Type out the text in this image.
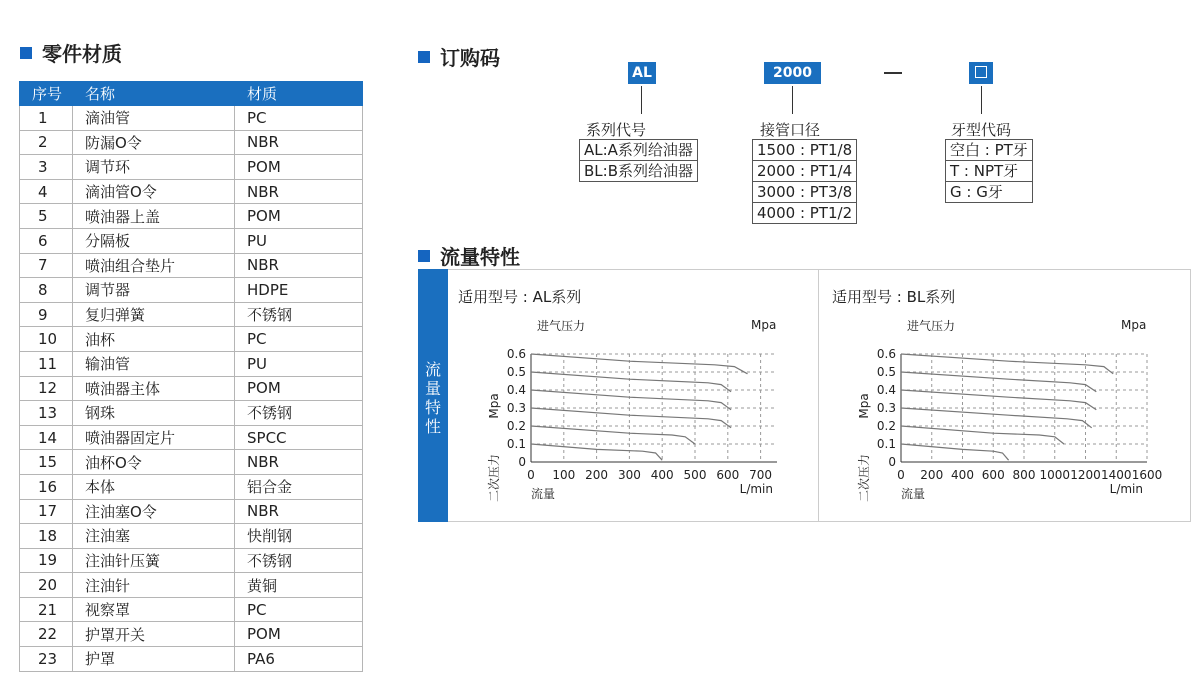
零件材质
序号	名称	材质
1	滴油管	PC
2	防漏O令	NBR
3	调节环	POM
4	滴油管O令	NBR
5	喷油器上盖	POM
6	分隔板	PU
7	喷油组合垫片	NBR
8	调节器	HDPE
9	复归弹簧	不锈钢
10	油杯	PC
11	输油管	PU
12	喷油器主体	POM
13	钢珠	不锈钢
14	喷油器固定片	SPCC
15	油杯O令	NBR
16	本体	铝合金
17	注油塞O令	NBR
18	注油塞	快削钢
19	注油针压簧	不锈钢
20	注油针	黄铜
21	视察罩	PC
22	护罩开关	POM
23	护罩	PA6
订购码
AL	2000
系列代号
AL:A系列给油器
BL:B系列给油器
接管口径
1500 : PT1/8
2000 : PT1/4
3000 : PT3/8
4000 : PT1/2
牙型代码
空白 : PT牙
T : NPT牙
G : G牙
流量特性
流
量
特
性
适用型号 : AL系列	适用型号 : BL系列
进气压力	Mpa
0
0.1
0.2
0.3
0.4
0.5
0.6
0 100 200 300 400 500 600 700
Mpa
二次压力	流量	L/min
进气压力	Mpa
0
0.1
0.2
0.3
0.4
0.5
0.6
0 200 400 600 800 1000 1200 1400 1600
Mpa
二次压力	流量	L/min
